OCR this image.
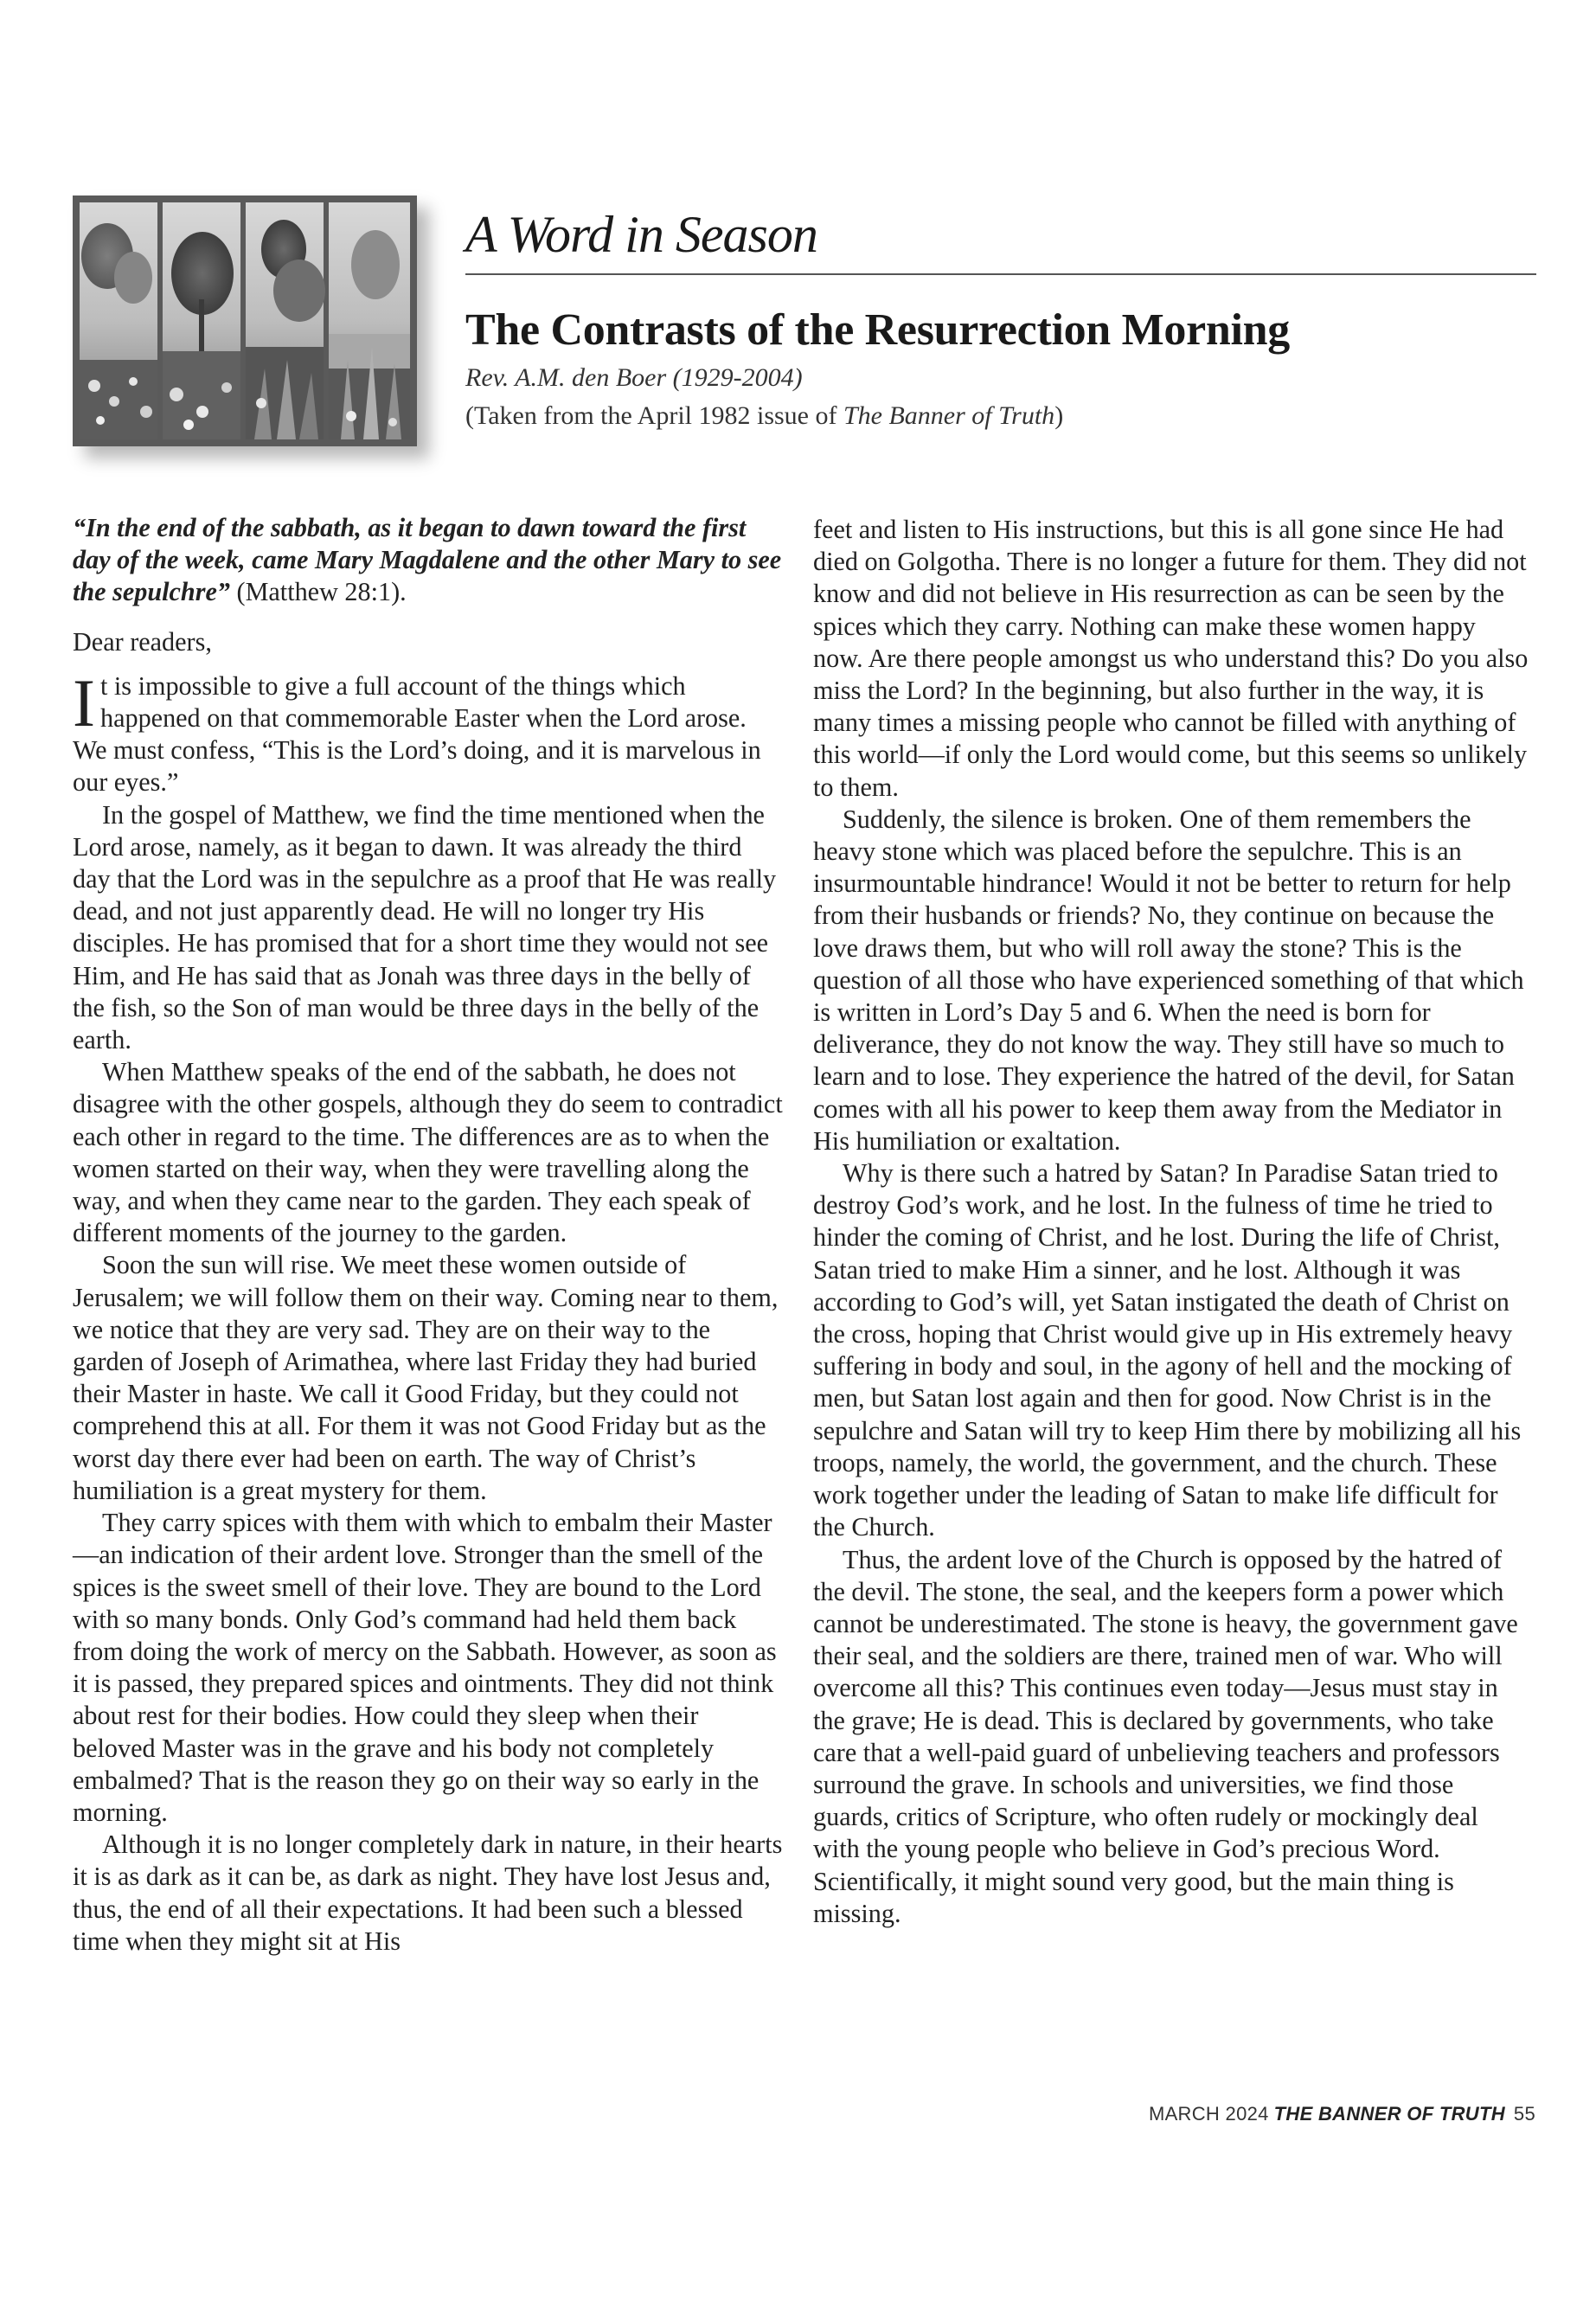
A Word in Season
The Contrasts of the Resurrection Morning
Rev. A.M. den Boer (1929-2004)
(Taken from the April 1982 issue of The Banner of Truth)

“In the end of the sabbath, as it began to dawn toward the first day of the week, came Mary Magdalene and the other Mary to see the sepulchre” (Matthew 28:1).

Dear readers,

It is impossible to give a full account of the things which happened on that commemorable Easter when the Lord arose. We must confess, “This is the Lord’s doing, and it is marvelous in our eyes.”

In the gospel of Matthew, we find the time mentioned when the Lord arose, namely, as it began to dawn. It was already the third day that the Lord was in the sepulchre as a proof that He was really dead, and not just apparently dead. He will no longer try His disciples. He has promised that for a short time they would not see Him, and He has said that as Jonah was three days in the belly of the fish, so the Son of man would be three days in the belly of the earth.

When Matthew speaks of the end of the sabbath, he does not disagree with the other gospels, although they do seem to contradict each other in regard to the time. The differences are as to when the women started on their way, when they were travelling along the way, and when they came near to the garden. They each speak of different moments of the journey to the garden.

Soon the sun will rise. We meet these women outside of Jerusalem; we will follow them on their way. Coming near to them, we notice that they are very sad. They are on their way to the garden of Joseph of Arimathea, where last Friday they had buried their Master in haste. We call it Good Friday, but they could not comprehend this at all. For them it was not Good Friday but as the worst day there ever had been on earth. The way of Christ’s humiliation is a great mystery for them.

They carry spices with them with which to embalm their Master—an indication of their ardent love. Stronger than the smell of the spices is the sweet smell of their love. They are bound to the Lord with so many bonds. Only God’s command had held them back from doing the work of mercy on the Sabbath. However, as soon as it is passed, they prepared spices and ointments. They did not think about rest for their bodies. How could they sleep when their beloved Master was in the grave and his body not completely embalmed? That is the reason they go on their way so early in the morning.

Although it is no longer completely dark in nature, in their hearts it is as dark as it can be, as dark as night. They have lost Jesus and, thus, the end of all their expectations. It had been such a blessed time when they might sit at His

feet and listen to His instructions, but this is all gone since He had died on Golgotha. There is no longer a future for them. They did not know and did not believe in His resurrection as can be seen by the spices which they carry. Nothing can make these women happy now. Are there people amongst us who understand this? Do you also miss the Lord? In the beginning, but also further in the way, it is many times a missing people who cannot be filled with anything of this world—if only the Lord would come, but this seems so unlikely to them.

Suddenly, the silence is broken. One of them remembers the heavy stone which was placed before the sepulchre. This is an insurmountable hindrance! Would it not be better to return for help from their husbands or friends? No, they continue on because the love draws them, but who will roll away the stone? This is the question of all those who have experienced something of that which is written in Lord’s Day 5 and 6. When the need is born for deliverance, they do not know the way. They still have so much to learn and to lose. They experience the hatred of the devil, for Satan comes with all his power to keep them away from the Mediator in His humiliation or exaltation.

Why is there such a hatred by Satan? In Paradise Satan tried to destroy God’s work, and he lost. In the fulness of time he tried to hinder the coming of Christ, and he lost. During the life of Christ, Satan tried to make Him a sinner, and he lost. Although it was according to God’s will, yet Satan instigated the death of Christ on the cross, hoping that Christ would give up in His extremely heavy suffering in body and soul, in the agony of hell and the mocking of men, but Satan lost again and then for good. Now Christ is in the sepulchre and Satan will try to keep Him there by mobilizing all his troops, namely, the world, the government, and the church. These work together under the leading of Satan to make life difficult for the Church.

Thus, the ardent love of the Church is opposed by the hatred of the devil. The stone, the seal, and the keepers form a power which cannot be underestimated. The stone is heavy, the government gave their seal, and the soldiers are there, trained men of war. Who will overcome all this? This continues even today—Jesus must stay in the grave; He is dead. This is declared by governments, who take care that a well-paid guard of unbelieving teachers and professors surround the grave. In schools and universities, we find those guards, critics of Scripture, who often rudely or mockingly deal with the young people who believe in God’s precious Word. Scientifically, it might sound very good, but the main thing is missing.

MARCH 2024 THE BANNER OF TRUTH 55
